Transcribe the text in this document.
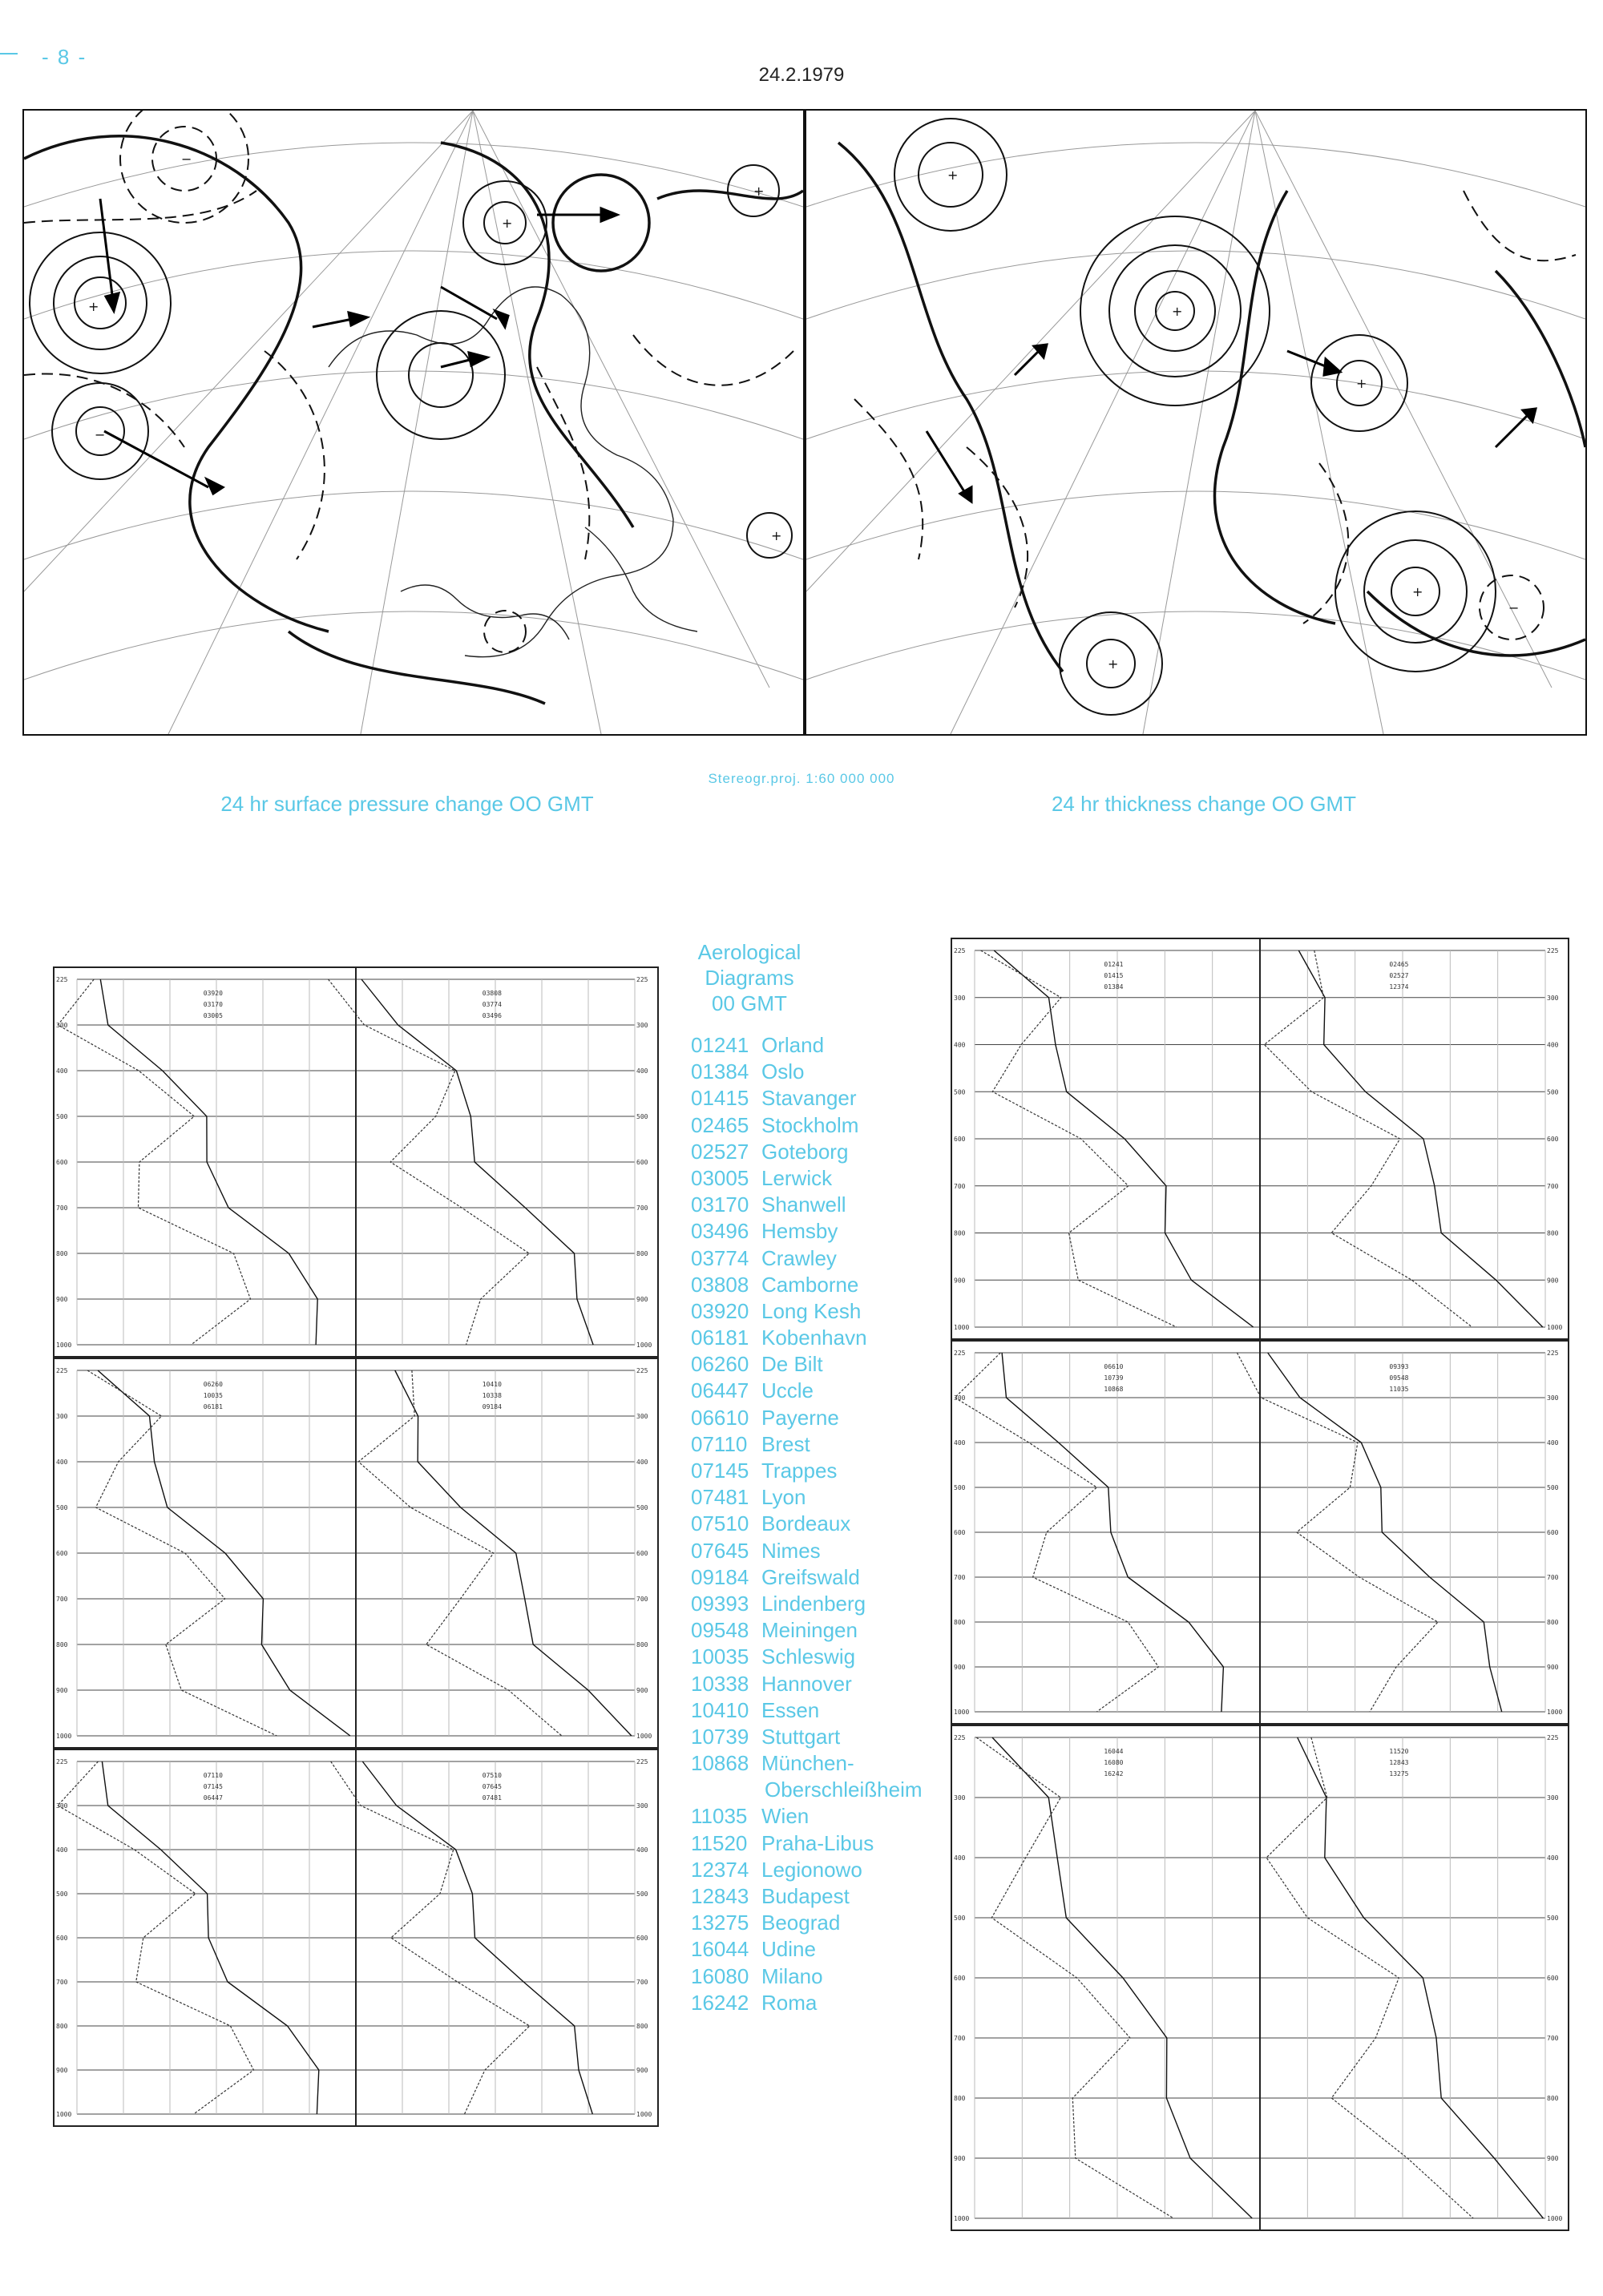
- 8 -
24.2.1979
+
−
+
+
+
−
+
+
+
+
+
−
24 hr surface pressure change OO GMT
Stereogr.proj. 1:60 000 000
24 hr thickness change OO GMT
225	225
300	300
400	400
500	500
600	600
700	700
800	800
900	900
1000	1000
03920
03170
03005
03808
03774
03496
225	225
300	300
400	400
500	500
600	600
700	700
800	800
900	900
1000	1000
06260
10035
06181
10410
10338
09184
225	225
300	300
400	400
500	500
600	600
700	700
800	800
900	900
1000	1000
07110
07145
06447
07510
07645
07481
225	225
300	300
400	400
500	500
600	600
700	700
800	800
900	900
1000	1000
01241
01415
01384
02465
02527
12374
225	225
300	300
400	400
500	500
600	600
700	700
800	800
900	900
1000	1000
06610
10739
10868
09393
09548
11035
225	225
300	300
400	400
500	500
600	600
700	700
800	800
900	900
1000	1000
16044
16080
16242
11520
12843
13275
Aerological
Diagrams
00 GMT
01241 Orland
01384 Oslo
01415 Stavanger
02465 Stockholm
02527 Goteborg
03005 Lerwick
03170 Shanwell
03496 Hemsby
03774 Crawley
03808 Camborne
03920 Long Kesh
06181 Kobenhavn
06260 De Bilt
06447 Uccle
06610 Payerne
07110 Brest
07145 Trappes
07481 Lyon
07510 Bordeaux
07645 Nimes
09184 Greifswald
09393 Lindenberg
09548 Meiningen
10035 Schleswig
10338 Hannover
10410 Essen
10739 Stuttgart
10868 München-
Oberschleißheim
11035 Wien
11520 Praha-Libus
12374 Legionowo
12843 Budapest
13275 Beograd
16044 Udine
16080 Milano
16242 Roma
